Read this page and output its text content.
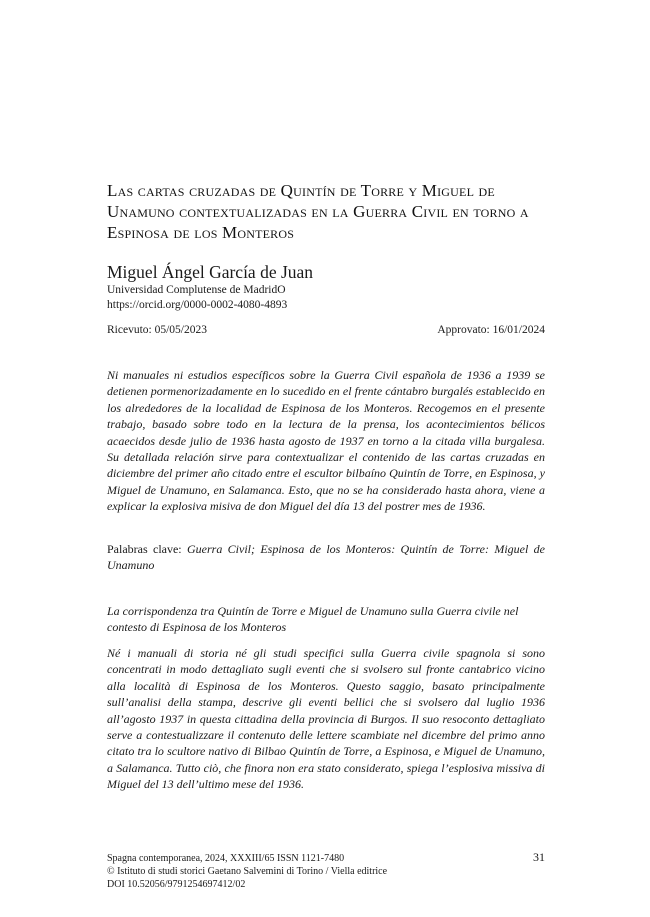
Las cartas cruzadas de Quintín de Torre y Miguel de Unamuno contextualizadas en la Guerra Civil en torno a Espinosa de los Monteros

Miguel Ángel García de Juan

Universidad Complutense de MadridO

https://orcid.org/0000-0002-4080-4893

Ricevuto: 05/05/2023	Approvato: 16/01/2024

Ni manuales ni estudios específicos sobre la Guerra Civil española de 1936 a 1939 se detienen pormenorizadamente en lo sucedido en el frente cántabro burgalés establecido en los alrededores de la localidad de Espinosa de los Monteros. Recogemos en el presente trabajo, basado sobre todo en la lectura de la prensa, los acontecimientos bélicos acaecidos desde julio de 1936 hasta agosto de 1937 en torno a la citada villa burgalesa. Su detallada relación sirve para contextualizar el contenido de las cartas cruzadas en diciembre del primer año citado entre el escultor bilbaíno Quintín de Torre, en Espinosa, y Miguel de Unamuno, en Salamanca. Esto, que no se ha considerado hasta ahora, viene a explicar la explosiva misiva de don Miguel del día 13 del postrer mes de 1936.

Palabras clave: Guerra Civil; Espinosa de los Monteros: Quintín de Torre: Miguel de Unamuno

La corrispondenza tra Quintín de Torre e Miguel de Unamuno sulla Guerra civile nel contesto di Espinosa de los Monteros

Né i manuali di storia né gli studi specifici sulla Guerra civile spagnola si sono concentrati in modo dettagliato sugli eventi che si svolsero sul fronte cantabrico vicino alla località di Espinosa de los Monteros. Questo saggio, basato principalmente sull’analisi della stampa, descrive gli eventi bellici che si svolsero dal luglio 1936 all’agosto 1937 in questa cittadina della provincia di Burgos. Il suo resoconto dettagliato serve a contestualizzare il contenuto delle lettere scambiate nel dicembre del primo anno citato tra lo scultore nativo di Bilbao Quintín de Torre, a Espinosa, e Miguel de Unamuno, a Salamanca. Tutto ciò, che finora non era stato considerato, spiega l’esplosiva missiva di Miguel del 13 dell’ultimo mese del 1936.

Spagna contemporanea, 2024, XXXIII/65 ISSN 1121-7480

© Istituto di studi storici Gaetano Salvemini di Torino / Viella editrice

DOI 10.52056/9791254697412/02

31
